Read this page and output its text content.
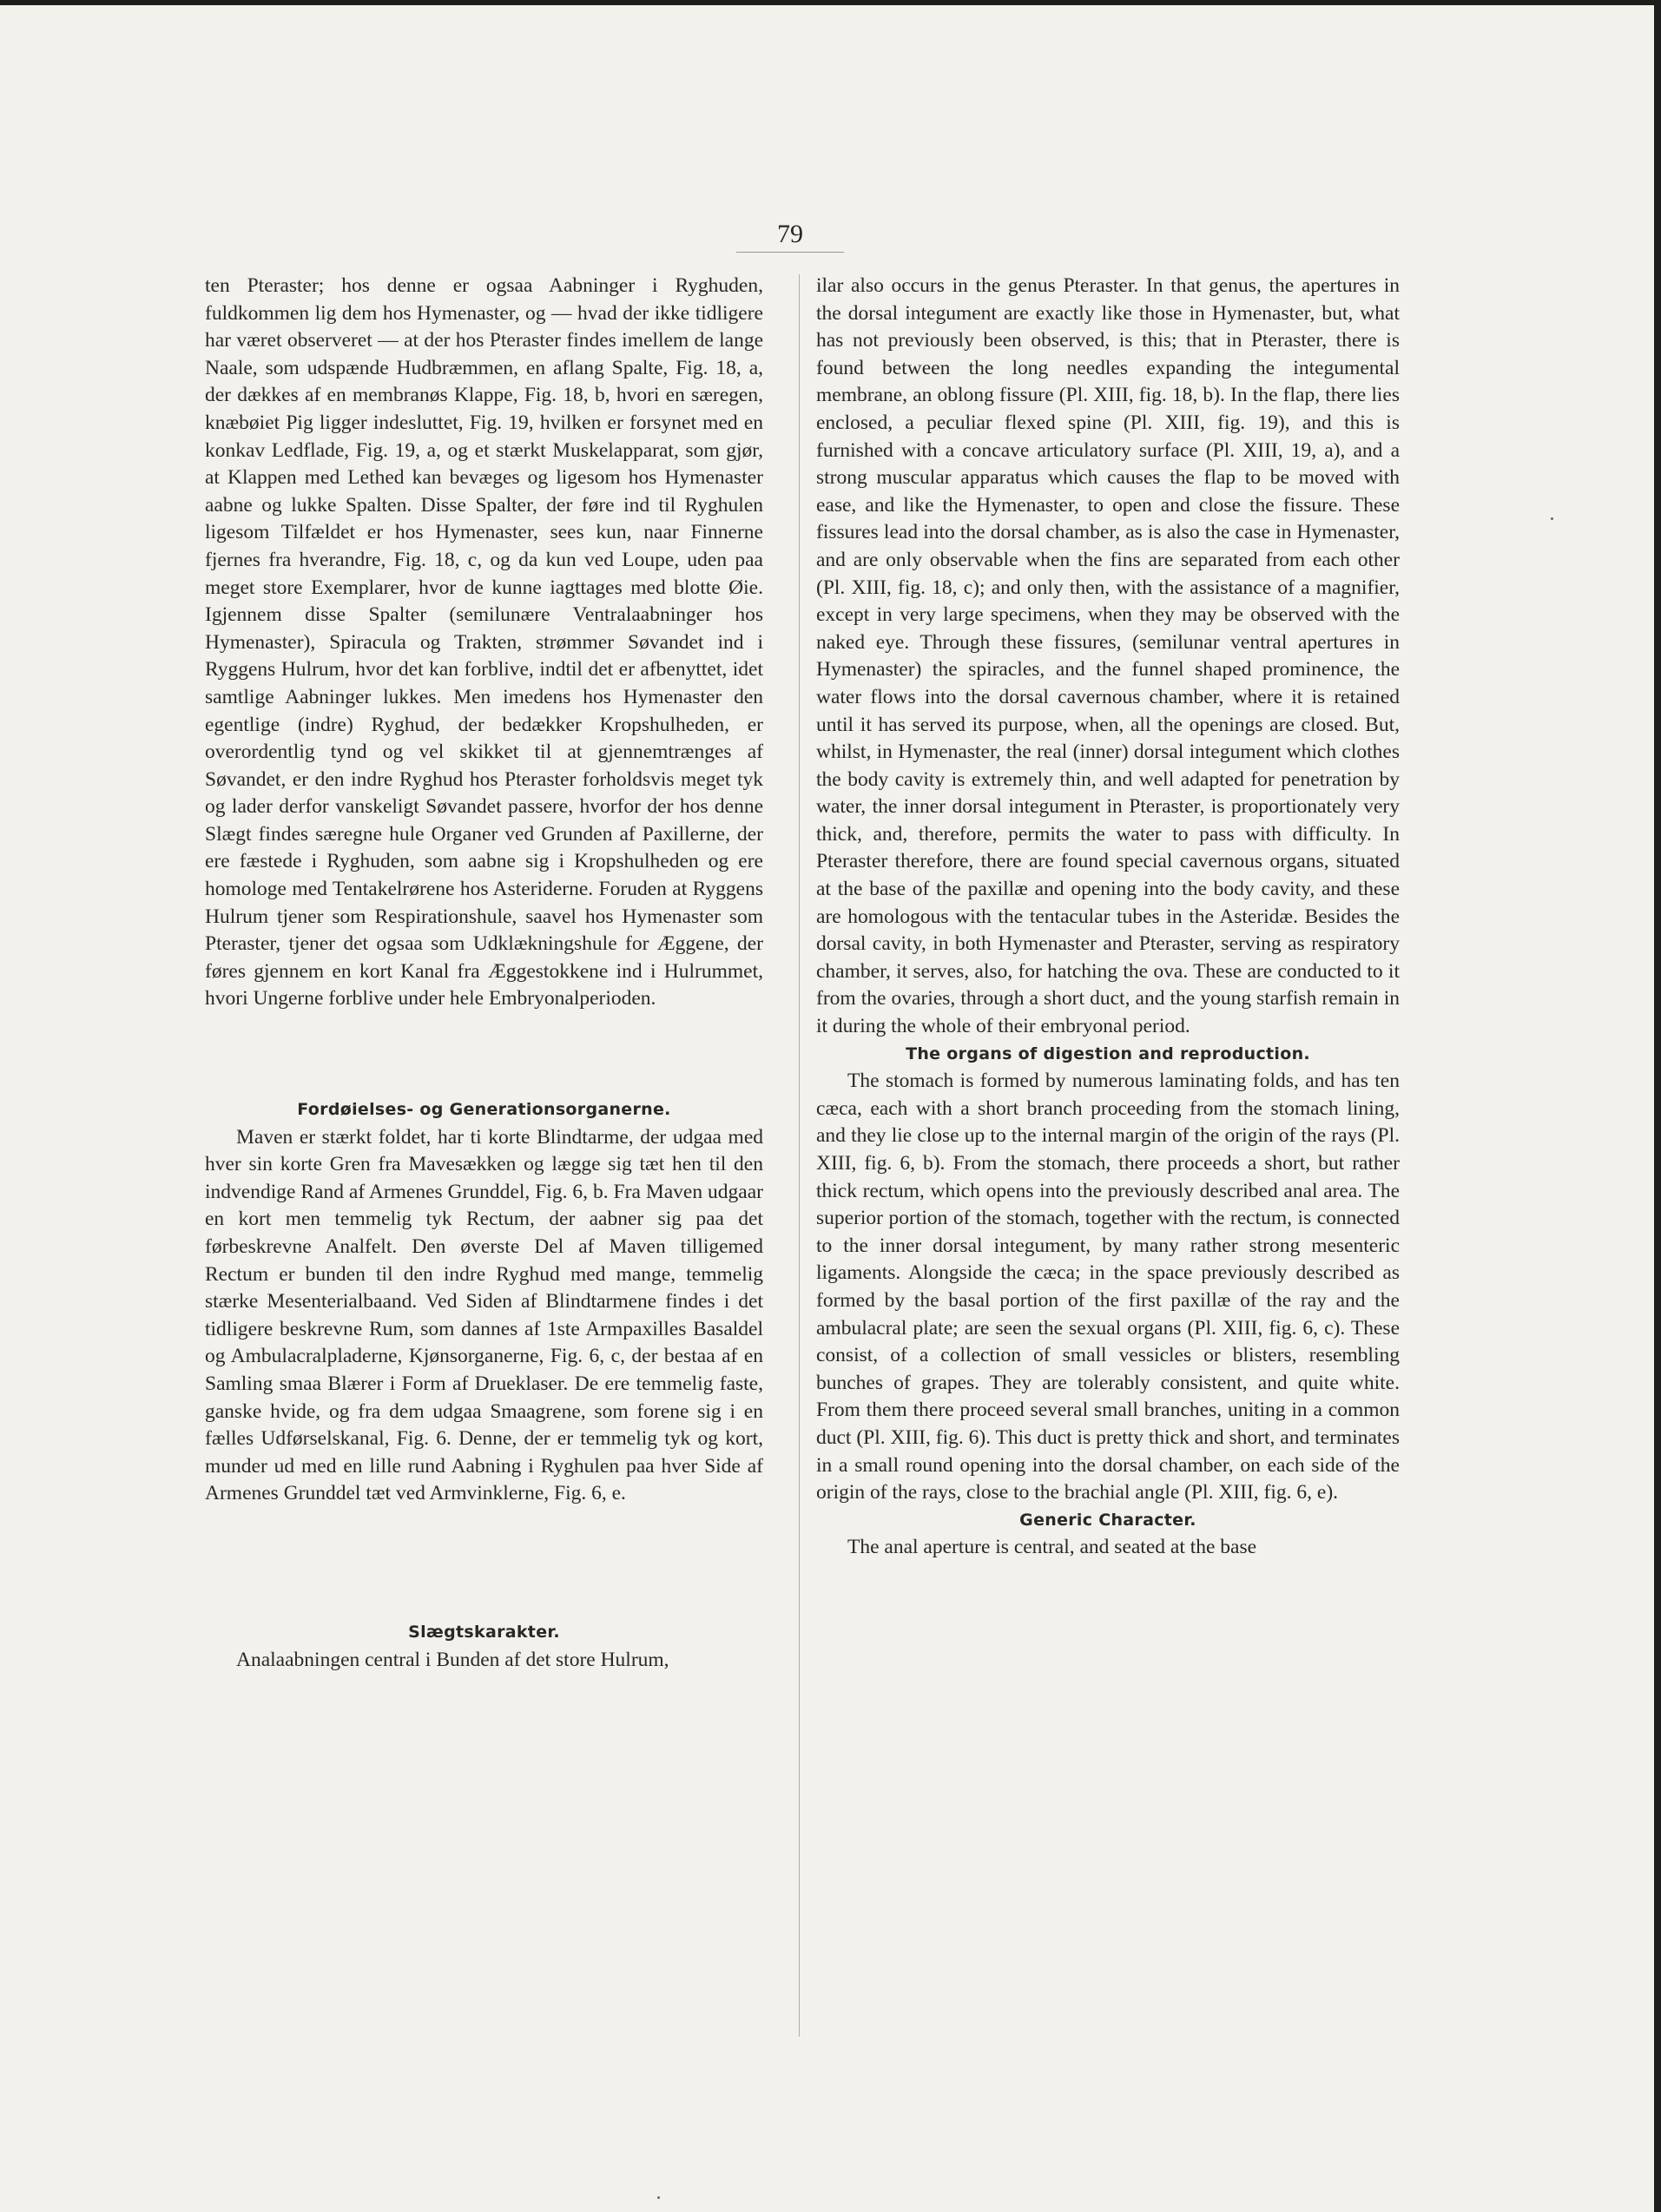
79

ten Pteraster; hos denne er ogsaa Aabninger i Ryghuden, fuldkommen lig dem hos Hymenaster, og — hvad der ikke tidligere har været observeret — at der hos Pteraster findes imellem de lange Naale, som udspænde Hudbræmmen, en aflang Spalte, Fig. 18, a, der dækkes af en membranøs Klappe, Fig. 18, b, hvori en særegen, knæbøiet Pig ligger indesluttet, Fig. 19, hvilken er forsynet med en konkav Ledflade, Fig. 19, a, og et stærkt Muskelapparat, som gjør, at Klappen med Lethed kan bevæges og ligesom hos Hymenaster aabne og lukke Spalten. Disse Spalter, der føre ind til Ryghulen ligesom Tilfældet er hos Hymenaster, sees kun, naar Finnerne fjernes fra hverandre, Fig. 18, c, og da kun ved Loupe, uden paa meget store Exemplarer, hvor de kunne iagttages med blotte Øie. Igjennem disse Spalter (semilunære Ventralaabninger hos Hymenaster), Spiracula og Trakten, strømmer Søvandet ind i Ryggens Hulrum, hvor det kan forblive, indtil det er afbenyttet, idet samtlige Aabninger lukkes. Men imedens hos Hymenaster den egentlige (indre) Ryghud, der bedækker Kropshulheden, er overordentlig tynd og vel skikket til at gjennemtrænges af Søvandet, er den indre Ryghud hos Pteraster forholdsvis meget tyk og lader derfor vanskeligt Søvandet passere, hvorfor der hos denne Slægt findes særegne hule Organer ved Grunden af Paxillerne, der ere fæstede i Ryghuden, som aabne sig i Kropshulheden og ere homologe med Tentakelrørene hos Asteriderne. Foruden at Ryggens Hulrum tjener som Respirationshule, saavel hos Hymenaster som Pteraster, tjener det ogsaa som Udklækningshule for Æggene, der føres gjennem en kort Kanal fra Æggestokkene ind i Hulrummet, hvori Ungerne forblive under hele Embryonalperioden.

Fordøielses- og Generationsorganerne.

Maven er stærkt foldet, har ti korte Blindtarme, der udgaa med hver sin korte Gren fra Mavesækken og lægge sig tæt hen til den indvendige Rand af Armenes Grunddel, Fig. 6, b. Fra Maven udgaar en kort men temmelig tyk Rectum, der aabner sig paa det førbeskrevne Analfelt. Den øverste Del af Maven tilligemed Rectum er bunden til den indre Ryghud med mange, temmelig stærke Mesenterialbaand. Ved Siden af Blindtarmene findes i det tidligere beskrevne Rum, som dannes af 1ste Armpaxilles Basaldel og Ambulacralpladerne, Kjønsorganerne, Fig. 6, c, der bestaa af en Samling smaa Blærer i Form af Drueklaser. De ere temmelig faste, ganske hvide, og fra dem udgaa Smaagrene, som forene sig i en fælles Udførselskanal, Fig. 6. Denne, der er temmelig tyk og kort, munder ud med en lille rund Aabning i Ryghulen paa hver Side af Armenes Grunddel tæt ved Armvinklerne, Fig. 6, e.

Slægtskarakter.

Analaabningen central i Bunden af det store Hulrum,

ilar also occurs in the genus Pteraster. In that genus, the apertures in the dorsal integument are exactly like those in Hymenaster, but, what has not previously been observed, is this; that in Pteraster, there is found between the long needles expanding the integumental membrane, an oblong fissure (Pl. XIII, fig. 18, b). In the flap, there lies enclosed, a peculiar flexed spine (Pl. XIII, fig. 19), and this is furnished with a concave articulatory surface (Pl. XIII, 19, a), and a strong muscular apparatus which causes the flap to be moved with ease, and like the Hymenaster, to open and close the fissure. These fissures lead into the dorsal chamber, as is also the case in Hymenaster, and are only observable when the fins are separated from each other (Pl. XIII, fig. 18, c); and only then, with the assistance of a magnifier, except in very large specimens, when they may be observed with the naked eye. Through these fissures, (semilunar ventral apertures in Hymenaster) the spiracles, and the funnel shaped prominence, the water flows into the dorsal cavernous chamber, where it is retained until it has served its purpose, when, all the openings are closed. But, whilst, in Hymenaster, the real (inner) dorsal integument which clothes the body cavity is extremely thin, and well adapted for penetration by water, the inner dorsal integument in Pteraster, is proportionately very thick, and, therefore, permits the water to pass with difficulty. In Pteraster therefore, there are found special cavernous organs, situated at the base of the paxillæ and opening into the body cavity, and these are homologous with the tentacular tubes in the Asteridæ. Besides the dorsal cavity, in both Hymenaster and Pteraster, serving as respiratory chamber, it serves, also, for hatching the ova. These are conducted to it from the ovaries, through a short duct, and the young starfish remain in it during the whole of their embryonal period.

The organs of digestion and reproduction.

The stomach is formed by numerous laminating folds, and has ten cæca, each with a short branch proceeding from the stomach lining, and they lie close up to the internal margin of the origin of the rays (Pl. XIII, fig. 6, b). From the stomach, there proceeds a short, but rather thick rectum, which opens into the previously described anal area. The superior portion of the stomach, together with the rectum, is connected to the inner dorsal integument, by many rather strong mesenteric ligaments. Alongside the cæca; in the space previously described as formed by the basal portion of the first paxillæ of the ray and the ambulacral plate; are seen the sexual organs (Pl. XIII, fig. 6, c). These consist, of a collection of small vessicles or blisters, resembling bunches of grapes. They are tolerably consistent, and quite white. From them there proceed several small branches, uniting in a common duct (Pl. XIII, fig. 6). This duct is pretty thick and short, and terminates in a small round opening into the dorsal chamber, on each side of the origin of the rays, close to the brachial angle (Pl. XIII, fig. 6, e).

Generic Character.

The anal aperture is central, and seated at the base
